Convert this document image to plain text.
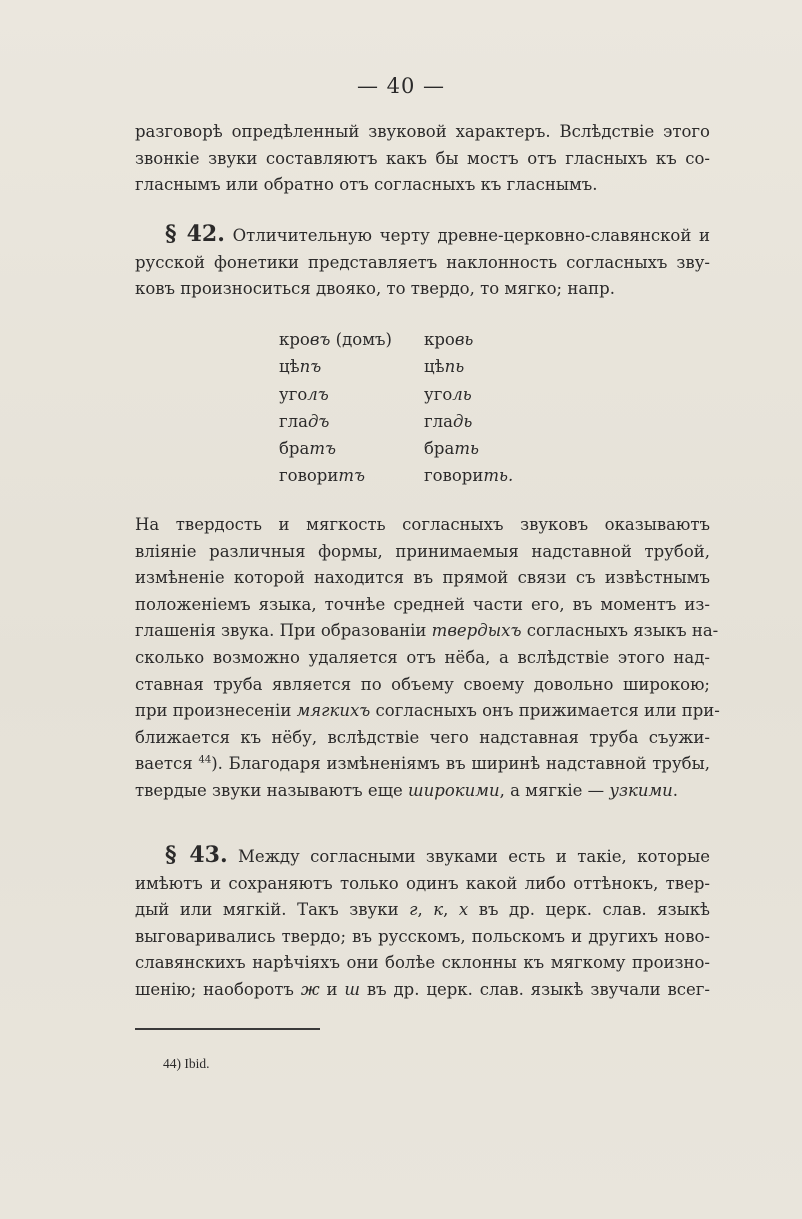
— 40 —

разговорѣ опредѣленный звуковой характеръ. Вслѣдствіе этого
звонкіе звуки составляютъ какъ бы мостъ отъ гласныхъ къ со-
гласнымъ или обратно отъ согласныхъ къ гласнымъ.

§ 42. Отличительную черту древне-церковно-славянской и
русской фонетики представляетъ наклонность согласныхъ зву-
ковъ произноситься двояко, то твердо, то мягко; напр.

кровъ (домъ)	кровь
цѣпъ	цѣпь
уголъ	уголь
гладъ	гладь
братъ	брать
говоритъ	говорить.

На твердость и мягкость согласныхъ звуковъ оказываютъ
вліяніе различныя формы, принимаемыя надставной трубой,
измѣненіе которой находится въ прямой связи съ извѣстнымъ
положеніемъ языка, точнѣе средней части его, въ моментъ из-
глашенія звука. При образованіи твердыхъ согласныхъ языкъ на-
сколько возможно удаляется отъ нёба, а вслѣдствіе этого над-
ставная труба является по объему своему довольно широкою;
при произнесеніи мягкихъ согласныхъ онъ прижимается или при-
ближается къ нёбу, вслѣдствіе чего надставная труба съужи-
вается $^{44}$). Благодаря измѣненіямъ въ ширинѣ надставной трубы,
твердые звуки называютъ еще широкими, а мягкіе — узкими.

§ 43. Между согласными звуками есть и такіе, которые
имѣютъ и сохраняютъ только одинъ какой либо оттѣнокъ, твер-
дый или мягкій. Такъ звуки г, к, х въ др. церк. слав. языкѣ
выговаривались твердо; въ русскомъ, польскомъ и другихъ ново-
славянскихъ нарѣчіяхъ они болѣе склонны къ мягкому произно-
шенію; наоборотъ ж и ш въ др. церк. слав. языкѣ звучали всег-

44) Ibid.
